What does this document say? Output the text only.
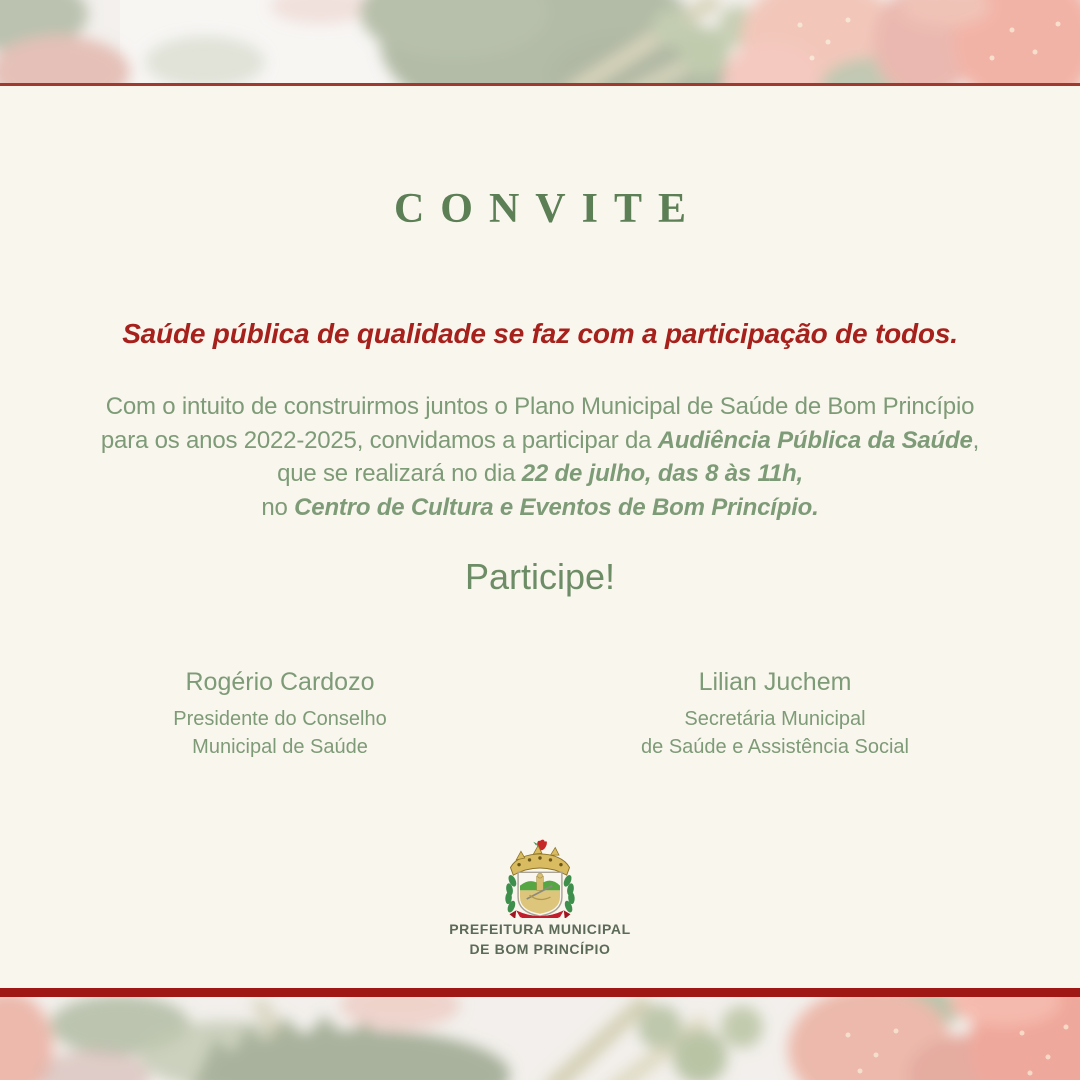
CONVITE

Saúde pública de qualidade se faz com a participação de todos.

Com o intuito de construirmos juntos o Plano Municipal de Saúde de Bom Princípio

para os anos 2022-2025, convidamos a participar da Audiência Pública da Saúde,

que se realizará no dia 22 de julho, das 8 às 11h,

no Centro de Cultura e Eventos de Bom Princípio.

Participe!

Rogério Cardozo

Presidente do Conselho

Municipal de Saúde

Lilian Juchem

Secretária Municipal

de Saúde e Assistência Social

PREFEITURA MUNICIPAL
DE BOM PRINCÍPIO
